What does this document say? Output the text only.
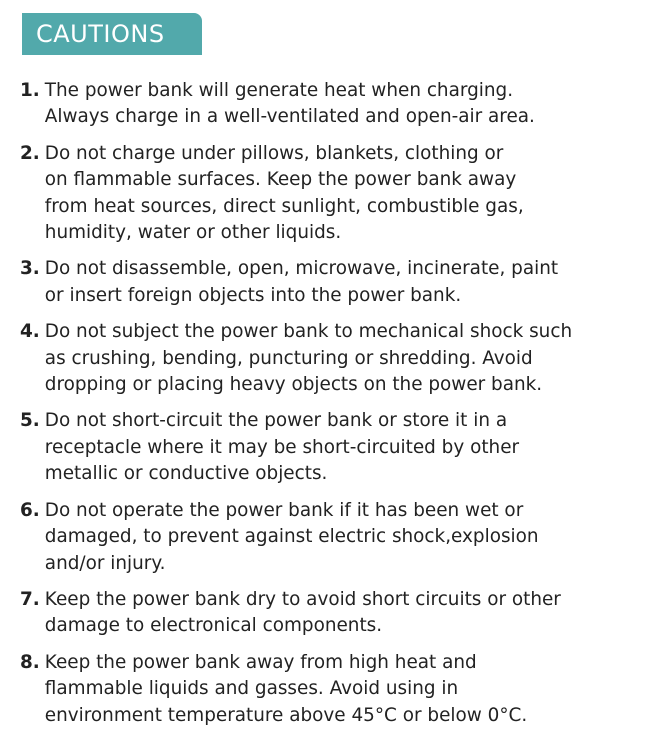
CAUTIONS
1. The power bank will generate heat when charging.
Always charge in a well-ventilated and open-air area.
2. Do not charge under pillows, blankets, clothing or
on flammable surfaces. Keep the power bank away
from heat sources, direct sunlight, combustible gas,
humidity, water or other liquids.
3. Do not disassemble, open, microwave, incinerate, paint
or insert foreign objects into the power bank.
4. Do not subject the power bank to mechanical shock such
as crushing, bending, puncturing or shredding. Avoid
dropping or placing heavy objects on the power bank.
5. Do not short-circuit the power bank or store it in a
receptacle where it may be short-circuited by other
metallic or conductive objects.
6. Do not operate the power bank if it has been wet or
damaged, to prevent against electric shock,explosion
and/or injury.
7. Keep the power bank dry to avoid short circuits or other
damage to electronical components.
8. Keep the power bank away from high heat and
flammable liquids and gasses. Avoid using in
environment temperature above 45°C or below 0°C.
